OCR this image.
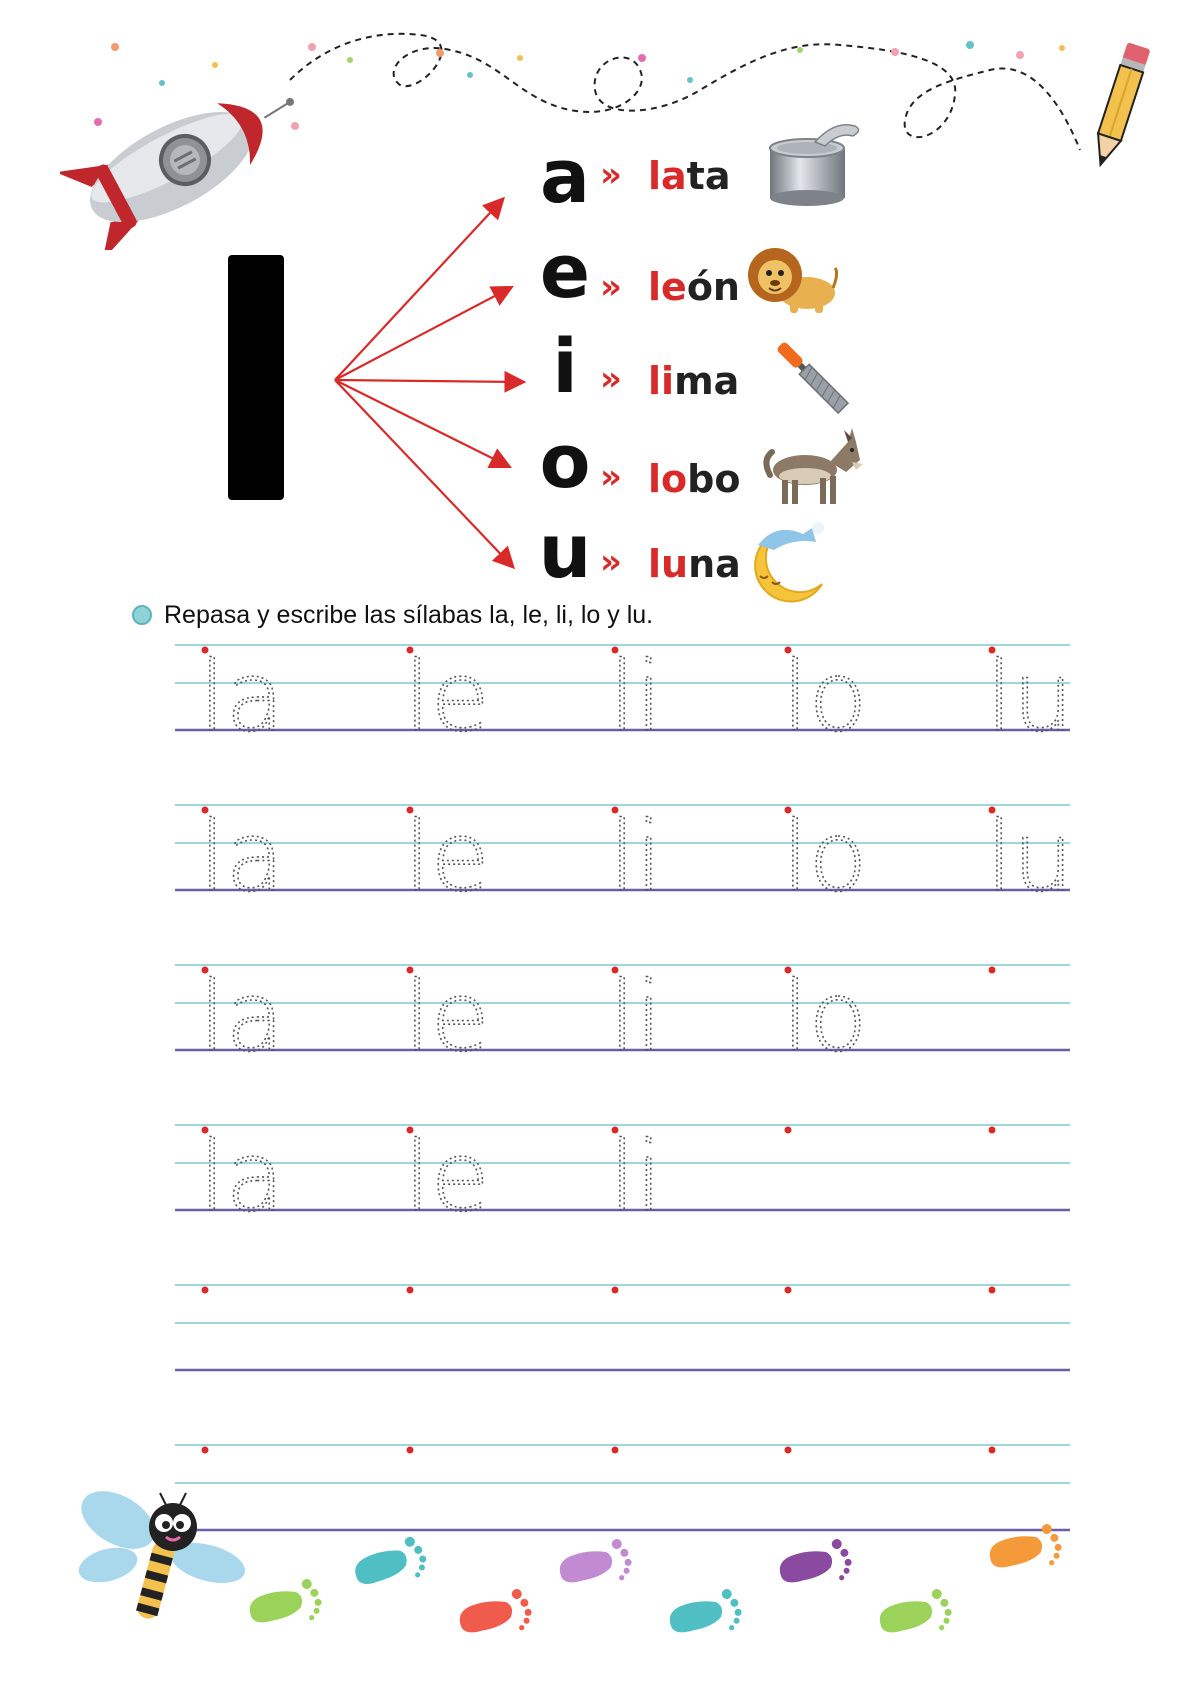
a
e
i
o
u
»
»
»
»
»
lata
león
lima
lobo
luna
Repasa y escribe las sílabas la, le, li, lo y lu.
la le li lo lu
la le li lo lu
la le li lo
la le li
